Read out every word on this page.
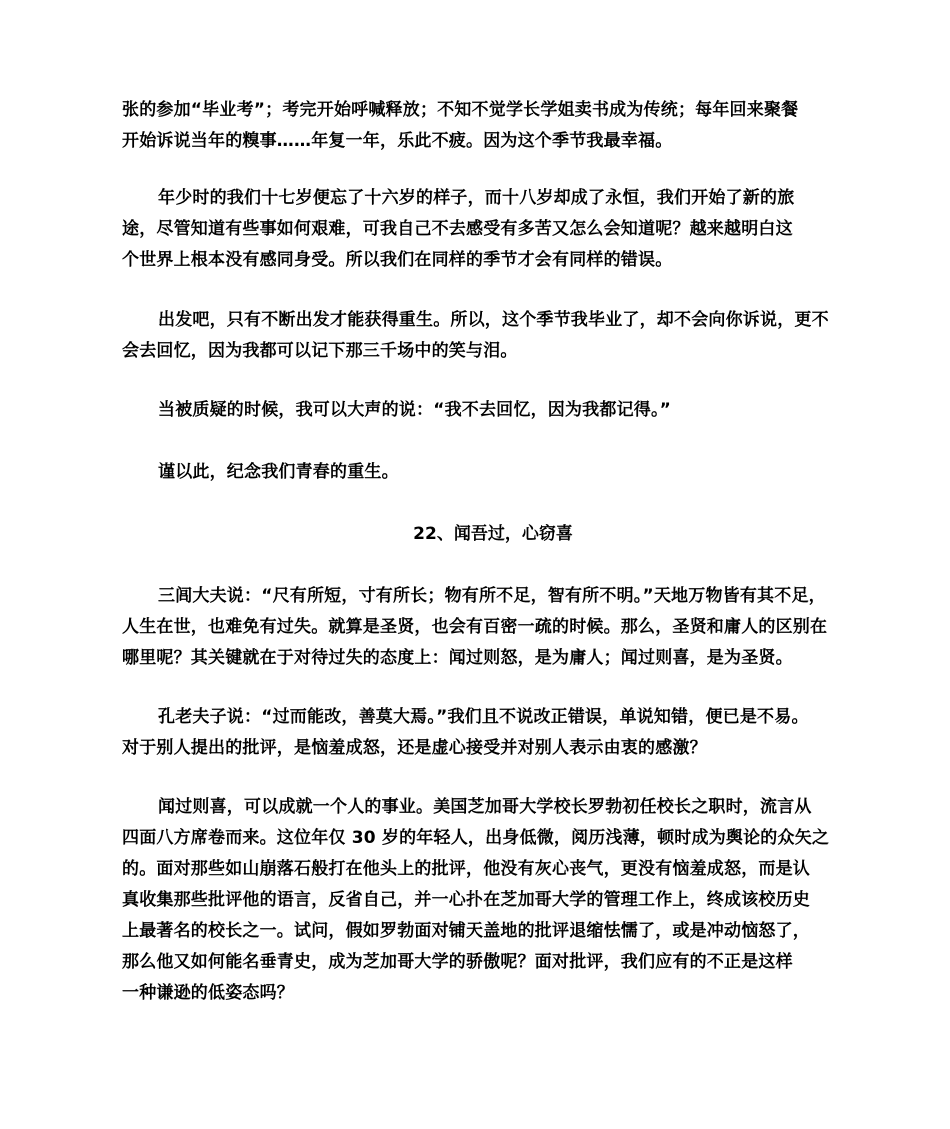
张的参加“毕业考”；考完开始呼喊释放；不知不觉学长学姐卖书成为传统；每年回来聚餐
开始诉说当年的糗事……年复一年，乐此不疲。因为这个季节我最幸福。
年少时的我们十七岁便忘了十六岁的样子，而十八岁却成了永恒，我们开始了新的旅
途，尽管知道有些事如何艰难，可我自己不去感受有多苦又怎么会知道呢？越来越明白这
个世界上根本没有感同身受。所以我们在同样的季节才会有同样的错误。
出发吧，只有不断出发才能获得重生。所以，这个季节我毕业了，却不会向你诉说，更不
会去回忆，因为我都可以记下那三千场中的笑与泪。
当被质疑的时候，我可以大声的说：“我不去回忆，因为我都记得。”
谨以此，纪念我们青春的重生。
22、闻吾过，心窃喜
三闾大夫说：“尺有所短，寸有所长；物有所不足，智有所不明。”天地万物皆有其不足，
人生在世，也难免有过失。就算是圣贤，也会有百密一疏的时候。那么，圣贤和庸人的区别在
哪里呢？其关键就在于对待过失的态度上：闻过则怒，是为庸人；闻过则喜，是为圣贤。
孔老夫子说：“过而能改，善莫大焉。”我们且不说改正错误，单说知错，便已是不易。
对于别人提出的批评，是恼羞成怒，还是虚心接受并对别人表示由衷的感激？
闻过则喜，可以成就一个人的事业。美国芝加哥大学校长罗勃初任校长之职时，流言从
四面八方席卷而来。这位年仅 30 岁的年轻人，出身低微，阅历浅薄，顿时成为舆论的众矢之
的。面对那些如山崩落石般打在他头上的批评，他没有灰心丧气，更没有恼羞成怒，而是认
真收集那些批评他的语言，反省自己，并一心扑在芝加哥大学的管理工作上，终成该校历史
上最著名的校长之一。试问，假如罗勃面对铺天盖地的批评退缩怯懦了，或是冲动恼怒了，
那么他又如何能名垂青史，成为芝加哥大学的骄傲呢？面对批评，我们应有的不正是这样
一种谦逊的低姿态吗？
